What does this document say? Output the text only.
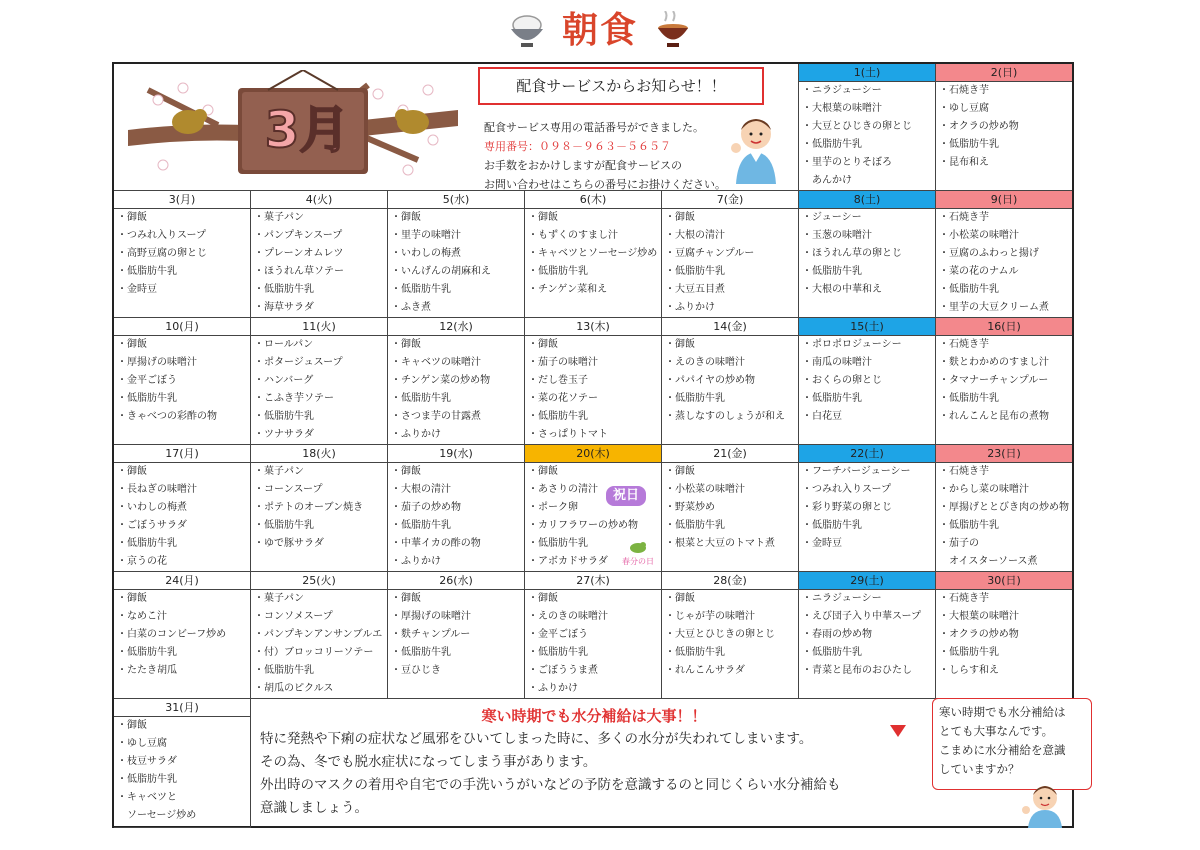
朝食
31(月)
・御飯
・ゆし豆腐
・枝豆サラダ
・低脂肪牛乳
・キャベツと
　ソーセージ炒め
30(日)
・石焼き芋
・大根葉の味噌汁
・オクラの炒め物
・低脂肪牛乳
・しらす和え
29(土)
・ニラジューシー
・えび団子入り中華スープ
・春雨の炒め物
・低脂肪牛乳
・青菜と昆布のおひたし
28(金)
・御飯
・じゃが芋の味噌汁
・大豆とひじきの卵とじ
・低脂肪牛乳
・れんこんサラダ
27(木)
・御飯
・えのきの味噌汁
・金平ごぼう
・低脂肪牛乳
・ごぼううま煮
・ふりかけ
26(水)
・御飯
・厚揚げの味噌汁
・麩チャンプルー
・低脂肪牛乳
・豆ひじき
25(火)
・菓子パン
・コンソメスープ
・パンプキンアンサンブルエ
・付）ブロッコリーソテー
・低脂肪牛乳
・胡瓜のピクルス
24(月)
・御飯
・なめこ汁
・白菜のコンビーフ炒め
・低脂肪牛乳
・たたき胡瓜
23(日)
・石焼き芋
・からし菜の味噌汁
・厚揚げととびき肉の炒め物
・低脂肪牛乳
・茄子の
　オイスターソース煮
22(土)
・フーチバージューシー
・つみれ入りスープ
・彩り野菜の卵とじ
・低脂肪牛乳
・金時豆
21(金)
・御飯
・小松菜の味噌汁
・野菜炒め
・低脂肪牛乳
・根菜と大豆のトマト煮
20(木)
・御飯
・あさりの清汁
・ポーク卵
・カリフラワーの炒め物
・低脂肪牛乳
・アボカドサラダ
19(水)
・御飯
・大根の清汁
・茄子の炒め物
・低脂肪牛乳
・中華イカの酢の物
・ふりかけ
18(火)
・菓子パン
・コーンスープ
・ポテトのオーブン焼き
・低脂肪牛乳
・ゆで豚サラダ
17(月)
・御飯
・長ねぎの味噌汁
・いわしの梅煮
・ごぼうサラダ
・低脂肪牛乳
・京うの花
16(日)
・石焼き芋
・麩とわかめのすまし汁
・タマナーチャンプルー
・低脂肪牛乳
・れんこんと昆布の煮物
15(土)
・ポロポロジューシー
・南瓜の味噌汁
・おくらの卵とじ
・低脂肪牛乳
・白花豆
14(金)
・御飯
・えのきの味噌汁
・パパイヤの炒め物
・低脂肪牛乳
・蒸しなすのしょうが和え
13(木)
・御飯
・茄子の味噌汁
・だし巻玉子
・菜の花ソテー
・低脂肪牛乳
・さっぱりトマト
12(水)
・御飯
・キャベツの味噌汁
・チンゲン菜の炒め物
・低脂肪牛乳
・さつま芋の甘露煮
・ふりかけ
11(火)
・ロールパン
・ポタージュスープ
・ハンバーグ
・こふき芋ソテー
・低脂肪牛乳
・ツナサラダ
10(月)
・御飯
・厚揚げの味噌汁
・金平ごぼう
・低脂肪牛乳
・きゃべつの彩酢の物
9(日)
・石焼き芋
・小松菜の味噌汁
・豆腐のふわっと揚げ
・菜の花のナムル
・低脂肪牛乳
・里芋の大豆クリーム煮
8(土)
・ジューシー
・玉葱の味噌汁
・ほうれん草の卵とじ
・低脂肪牛乳
・大根の中華和え
7(金)
・御飯
・大根の清汁
・豆腐チャンプルー
・低脂肪牛乳
・大豆五目煮
・ふりかけ
6(木)
・御飯
・もずくのすまし汁
・キャベツとソーセージ炒め
・低脂肪牛乳
・チンゲン菜和え
5(水)
・御飯
・里芋の味噌汁
・いわしの梅煮
・いんげんの胡麻和え
・低脂肪牛乳
・ふき煮
4(火)
・菓子パン
・パンプキンスープ
・プレーンオムレツ
・ほうれん草ソテー
・低脂肪牛乳
・海草サラダ
3(月)
・御飯
・つみれ入りスープ
・高野豆腐の卵とじ
・低脂肪牛乳
・金時豆
2(日)
・石焼き芋
・ゆし豆腐
・オクラの炒め物
・低脂肪牛乳
・昆布和え
1(土)
・ニラジューシー
・大根葉の味噌汁
・大豆とひじきの卵とじ
・低脂肪牛乳
・里芋のとりそぼろ
　あんかけ
3月
配食サービスからお知らせ！！
配食サービス専用の電話番号ができました。
専用番号：０９８－９６３－５６５７
お手数をおかけしますが配食サービスの
お問い合わせはこちらの番号にお掛けください。
寒い時期でも水分補給は大事！！
特に発熱や下痢の症状など風邪をひいてしまった時に、多くの水分が失われてしまいます。
その為、冬でも脱水症状になってしまう事があります。
外出時のマスクの着用や自宅での手洗いうがいなどの予防を意識するのと同じくらい水分補給も
意識しましょう。
寒い時期でも水分補給は
とても大事なんです。
こまめに水分補給を意識
していますか？
祝日
春分の日
